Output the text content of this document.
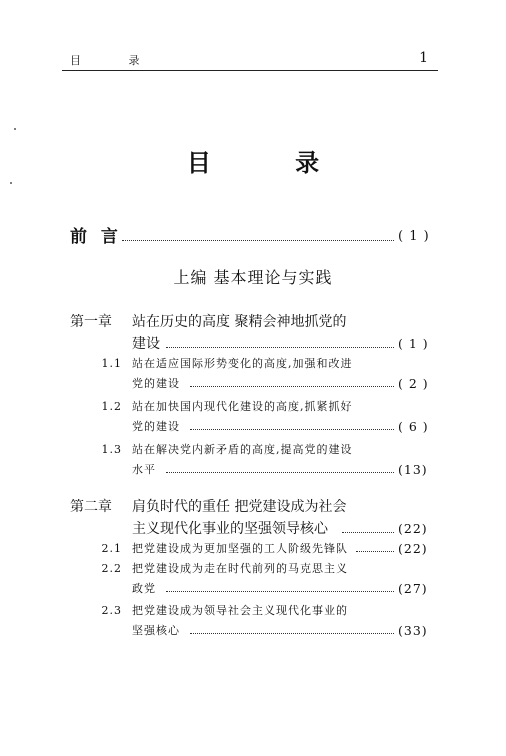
目 录	1
目 录
前 言	( 1 )
上编 基本理论与实践
第一章 站在历史的高度 聚精会神地抓党的
建设	( 1 )
1.1 站在适应国际形势变化的高度,加强和改进
党的建设	( 2 )
1.2 站在加快国内现代化建设的高度,抓紧抓好
党的建设	( 6 )
1.3 站在解决党内新矛盾的高度,提高党的建设
水平	(13)
第二章 肩负时代的重任 把党建设成为社会
主义现代化事业的坚强领导核心	(22)
2.1 把党建设成为更加坚强的工人阶级先锋队	(22)
2.2 把党建设成为走在时代前列的马克思主义
政党	(27)
2.3 把党建设成为领导社会主义现代化事业的
坚强核心	(33)
